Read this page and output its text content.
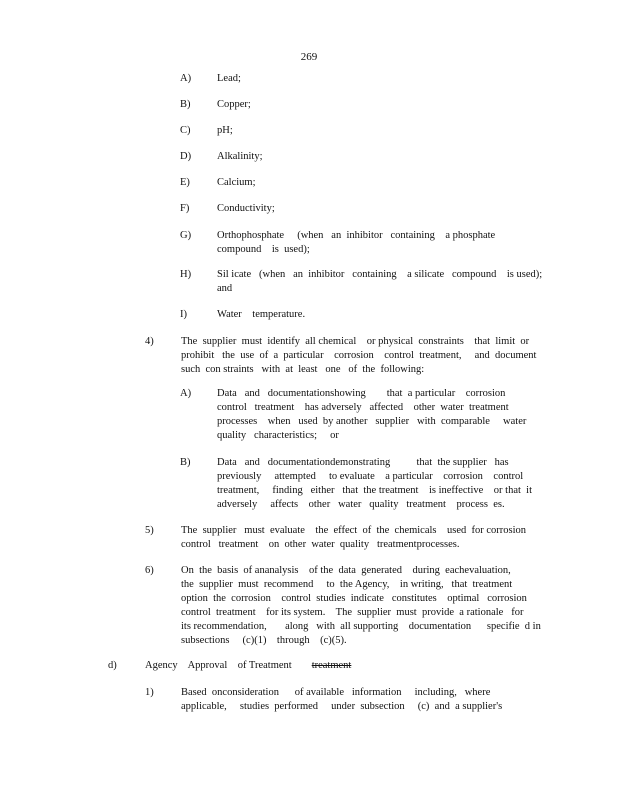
269
A)	Lead;
B)	Copper;
C)	pH;
D)	Alkalinity;
E)	Calcium;
F)	Conductivity;
G)	Orthophosphate     (when   an  inhibitor   containing    a phosphate
compound    is  used);
H)	Sil icate   (when   an  inhibitor   containing    a silicate   compound    is used);
and
I)	Water    temperature.
4)	The  supplier  must  identify  all chemical    or physical  constraints    that  limit  or
prohibit   the  use  of  a  particular    corrosion    control  treatment,     and  document
such  con straints   with  at  least   one   of  the  following:
A)	Data   and   documentationshowing        that  a particular    corrosion
control   treatment    has adversely   affected    other  water  treatment
processes    when   used  by another   supplier   with  comparable     water
quality   characteristics;     or
B)	Data   and   documentationdemonstrating          that  the supplier   has
previously     attempted     to evaluate    a particular    corrosion    control
treatment,     finding   either   that  the treatment    is ineffective    or that  it
adversely     affects    other   water   quality   treatment    process  es.
5)	The  supplier   must  evaluate    the  effect  of  the  chemicals    used  for corrosion
control   treatment    on  other  water  quality   treatmentprocesses.
6)	On  the  basis  of ananalysis    of the  data  generated    during  eachevaluation,
the  supplier  must  recommend     to  the Agency,    in writing,   that  treatment
option  the  corrosion    control  studies  indicate   constitutes    optimal   corrosion
control  treatment    for its system.    The  supplier  must  provide  a rationale   for
its recommendation,       along   with  all supporting    documentation      specifie  d in
subsections     (c)(1)    through    (c)(5).
d)	Agency    Approval    of Treatment treatment
1)	Based  onconsideration      of available   information     including,   where
applicable,     studies  performed     under  subsection     (c)  and  a supplier's
